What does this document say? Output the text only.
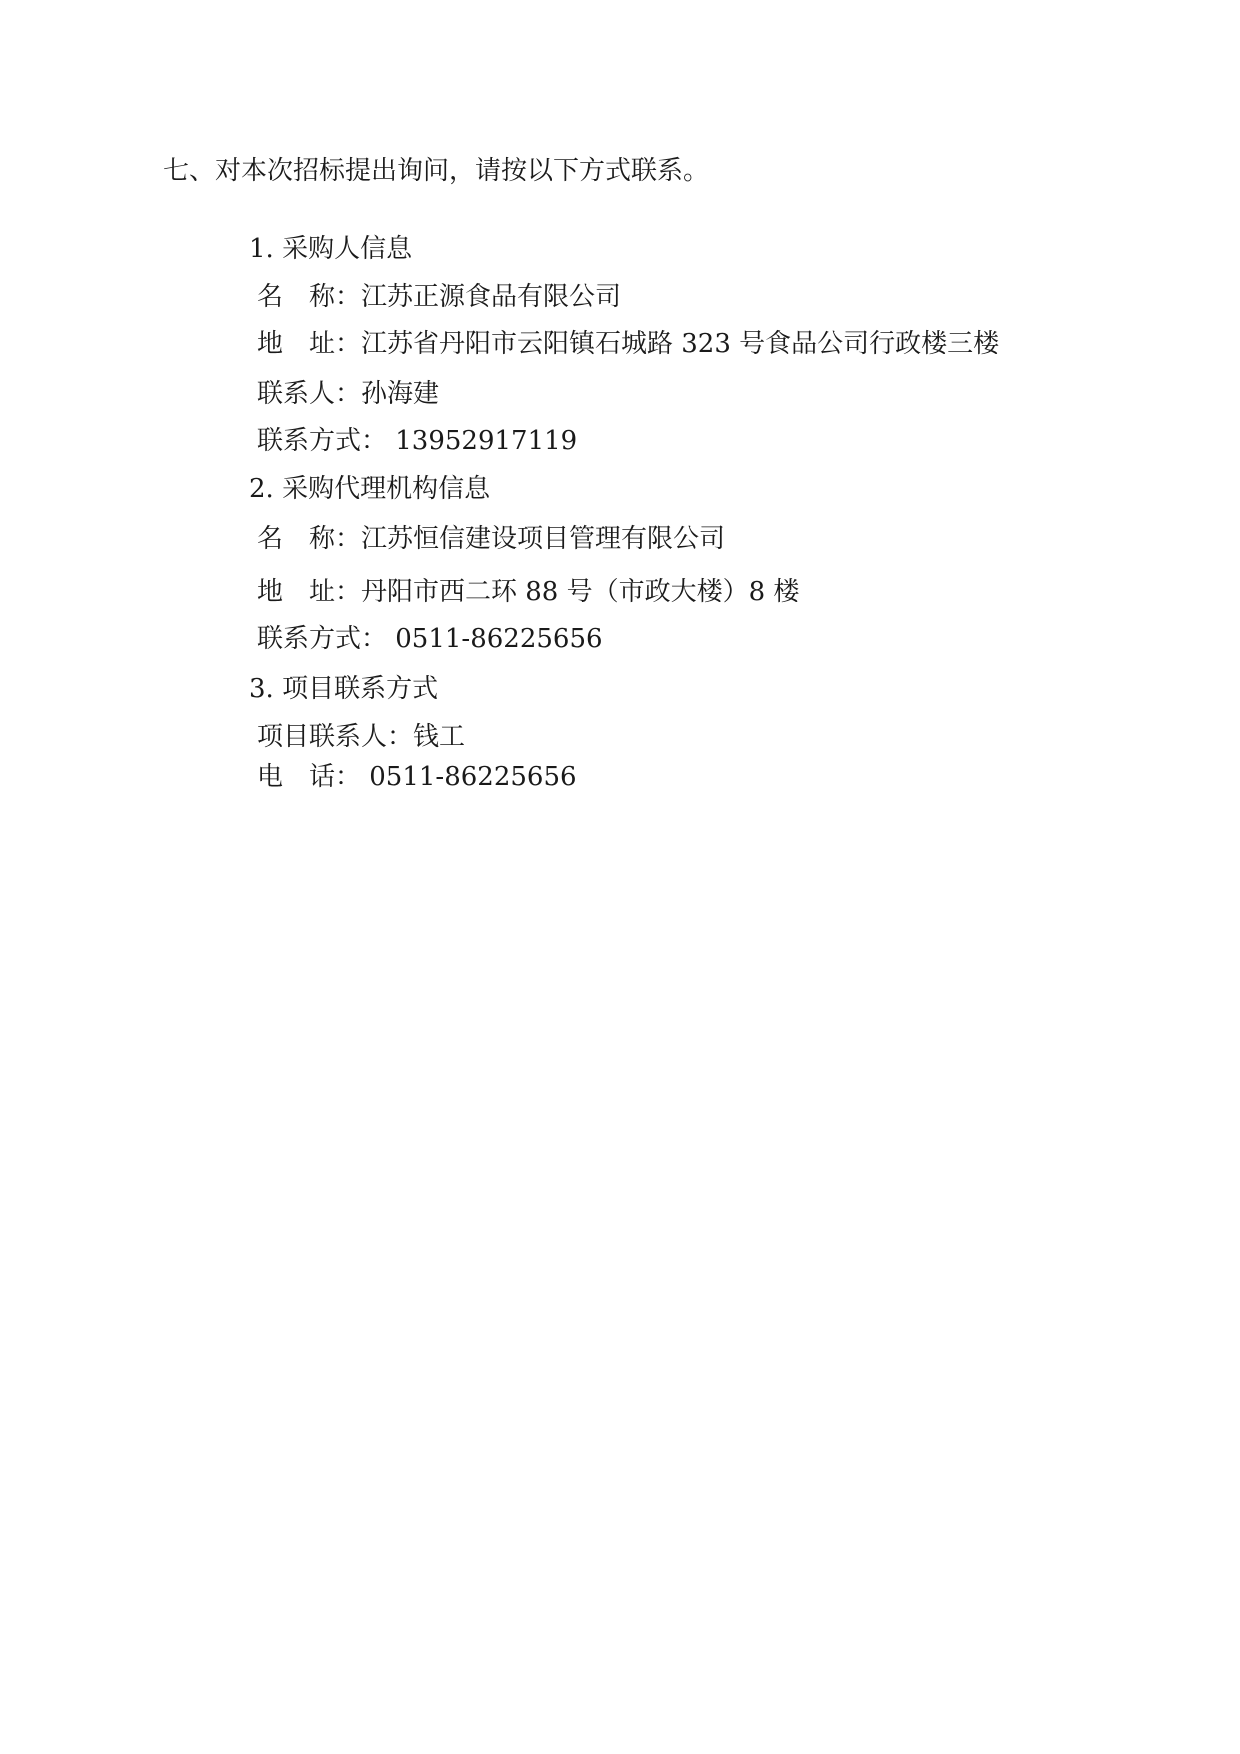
七、对本次招标提出询问，请按以下方式联系。
1. 采购人信息
名　称：江苏正源食品有限公司
地　址：江苏省丹阳市云阳镇石城路 323 号食品公司行政楼三楼
联系人：孙海建
联系方式： 13952917119
2. 采购代理机构信息
名　称：江苏恒信建设项目管理有限公司
地　址：丹阳市西二环 88 号（市政大楼）8 楼
联系方式： 0511-86225656
3. 项目联系方式
项目联系人：钱工
电　话： 0511-86225656
